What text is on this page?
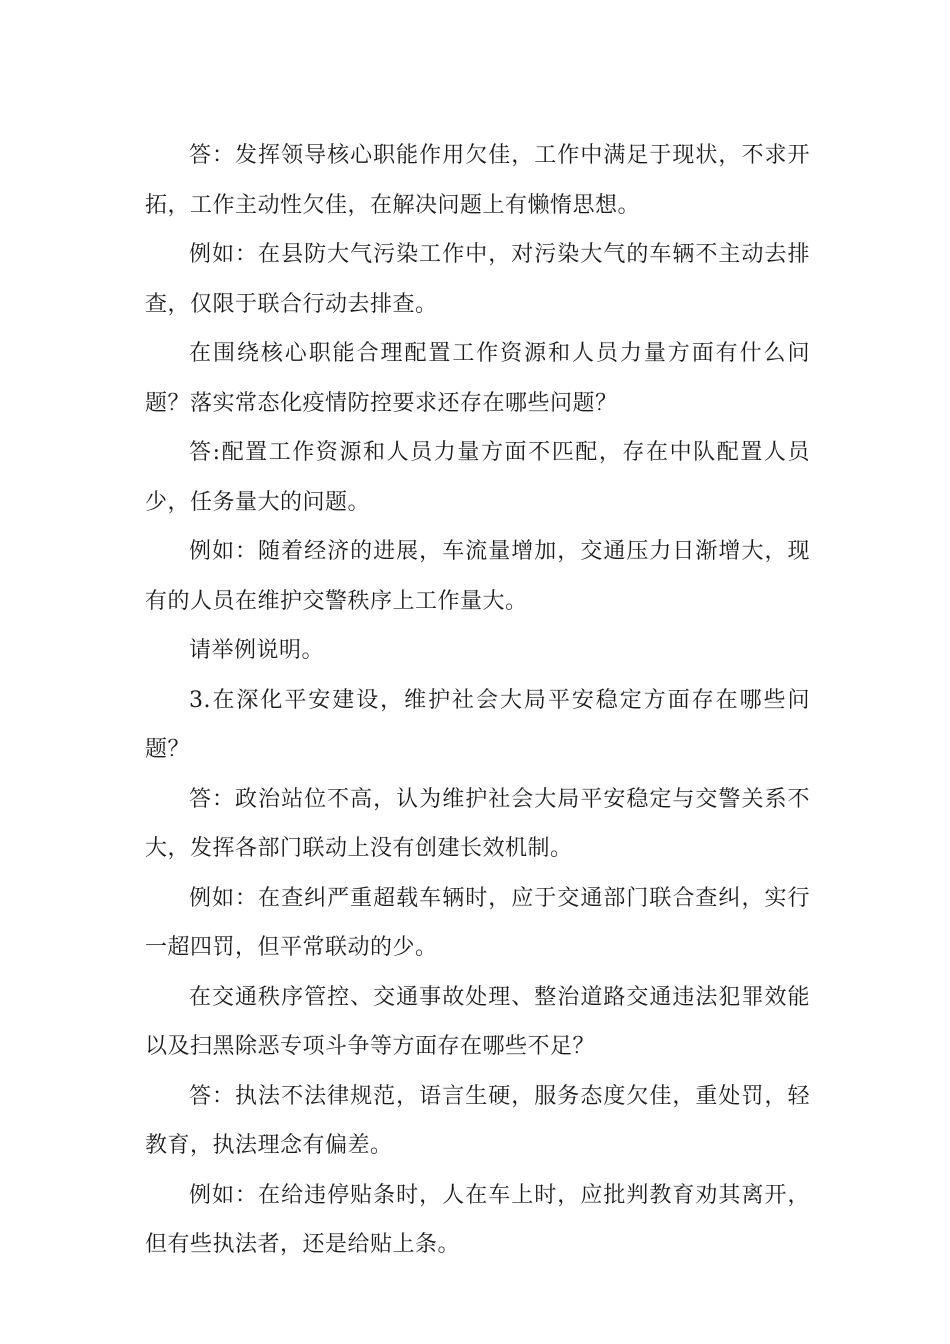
答：发挥领导核心职能作用欠佳，工作中满足于现状，不求开拓，工作主动性欠佳，在解决问题上有懒惰思想。

例如：在县防大气污染工作中，对污染大气的车辆不主动去排查，仅限于联合行动去排查。

在围绕核心职能合理配置工作资源和人员力量方面有什么问题？落实常态化疫情防控要求还存在哪些问题？

答:配置工作资源和人员力量方面不匹配，存在中队配置人员少，任务量大的问题。

例如：随着经济的进展，车流量增加，交通压力日渐增大，现有的人员在维护交警秩序上工作量大。

请举例说明。

3.在深化平安建设，维护社会大局平安稳定方面存在哪些问题？

答：政治站位不高，认为维护社会大局平安稳定与交警关系不大，发挥各部门联动上没有创建长效机制。

例如：在查纠严重超载车辆时，应于交通部门联合查纠，实行一超四罚，但平常联动的少。

在交通秩序管控、交通事故处理、整治道路交通违法犯罪效能以及扫黑除恶专项斗争等方面存在哪些不足？

答：执法不法律规范，语言生硬，服务态度欠佳，重处罚，轻教育，执法理念有偏差。

例如：在给违停贴条时，人在车上时，应批判教育劝其离开，但有些执法者，还是给贴上条。
